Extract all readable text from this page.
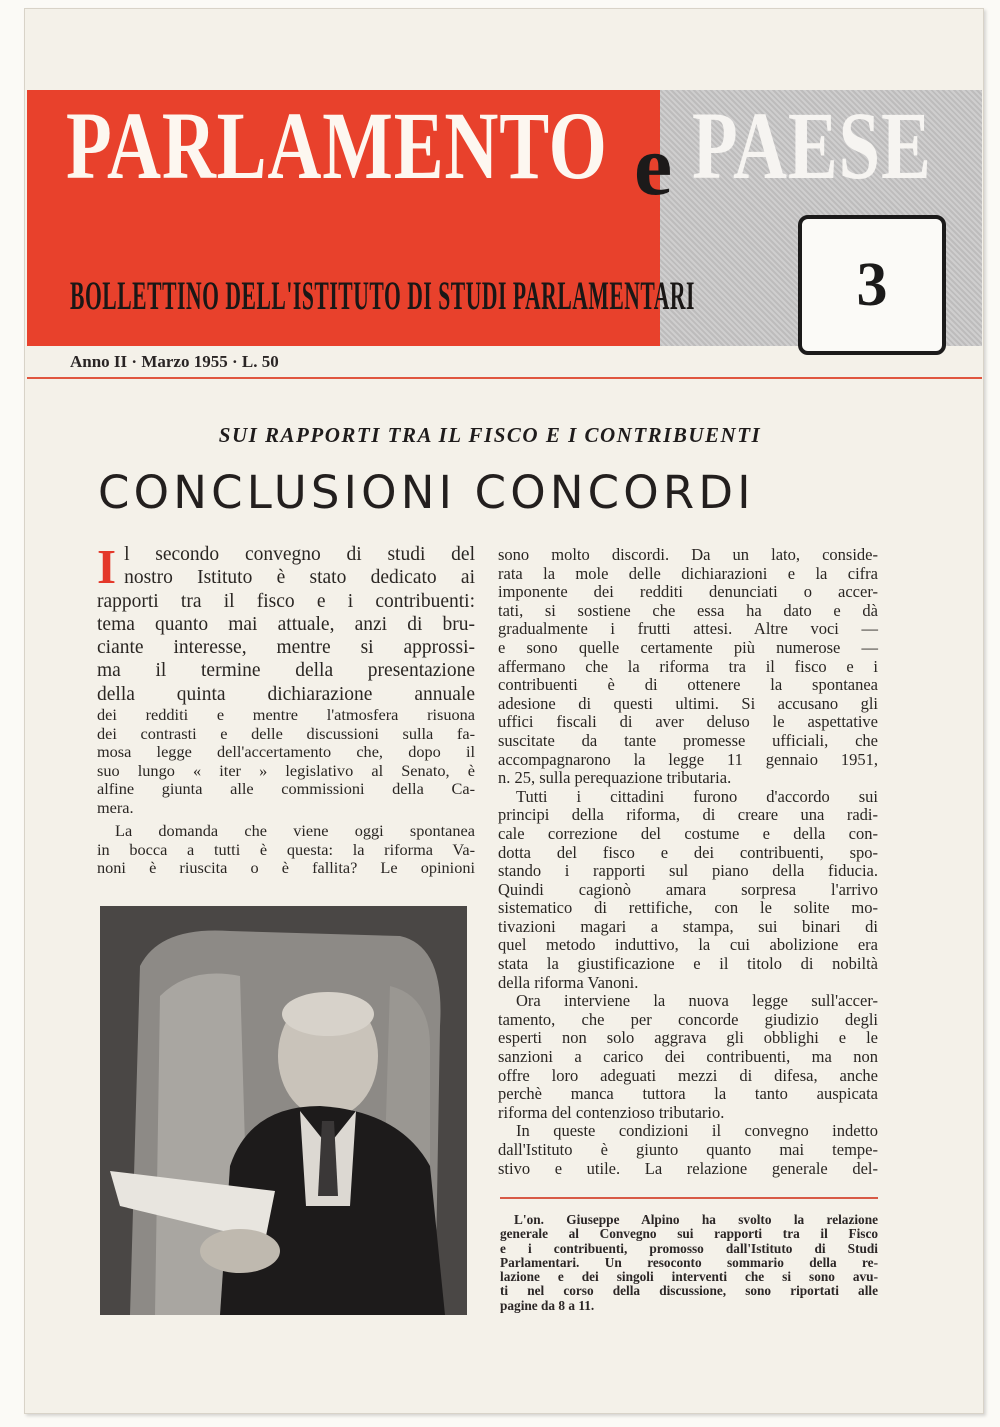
PARLAMENTO e PAESE
BOLLETTINO DELL'ISTITUTO DI STUDI PARLAMENTARI	3
Anno II · Marzo 1955 · L. 50
SUI RAPPORTI TRA IL FISCO E I CONTRIBUENTI
CONCLUSIONI CONCORDI
I l secondo convegno di studi del
nostro Istituto è stato dedicato ai
rapporti tra il fisco e i contribuenti:
tema quanto mai attuale, anzi di bru-
ciante interesse, mentre si approssi-
ma il termine della presentazione
della quinta dichiarazione annuale
dei redditi e mentre l'atmosfera risuona
dei contrasti e delle discussioni sulla fa-
mosa legge dell'accertamento che, dopo il
suo lungo « iter » legislativo al Senato, è
alfine giunta alle commissioni della Ca-
mera.
La domanda che viene oggi spontanea
in bocca a tutti è questa: la riforma Va-
noni è riuscita o è fallita? Le opinioni
sono molto discordi. Da un lato, conside-
rata la mole delle dichiarazioni e la cifra
imponente dei redditi denunciati o accer-
tati, si sostiene che essa ha dato e dà
gradualmente i frutti attesi. Altre voci —
e sono quelle certamente più numerose —
affermano che la riforma tra il fisco e i
contribuenti è di ottenere la spontanea
adesione di questi ultimi. Si accusano gli
uffici fiscali di aver deluso le aspettative
suscitate da tante promesse ufficiali, che
accompagnarono la legge 11 gennaio 1951,
n. 25, sulla perequazione tributaria.
Tutti i cittadini furono d'accordo sui
principi della riforma, di creare una radi-
cale correzione del costume e della con-
dotta del fisco e dei contribuenti, spo-
stando i rapporti sul piano della fiducia.
Quindi cagionò amara sorpresa l'arrivo
sistematico di rettifiche, con le solite mo-
tivazioni magari a stampa, sui binari di
quel metodo induttivo, la cui abolizione era
stata la giustificazione e il titolo di nobiltà
della riforma Vanoni.
Ora interviene la nuova legge sull'accer-
tamento, che per concorde giudizio degli
esperti non solo aggrava gli obblighi e le
sanzioni a carico dei contribuenti, ma non
offre loro adeguati mezzi di difesa, anche
perchè manca tuttora la tanto auspicata
riforma del contenzioso tributario.
In queste condizioni il convegno indetto
dall'Istituto è giunto quanto mai tempe-
stivo e utile. La relazione generale del-
L'on. Giuseppe Alpino ha svolto la relazione
generale al Convegno sui rapporti tra il Fisco
e i contribuenti, promosso dall'Istituto di Studi
Parlamentari. Un resoconto sommario della re-
lazione e dei singoli interventi che si sono avu-
ti nel corso della discussione, sono riportati alle
pagine da 8 a 11.
